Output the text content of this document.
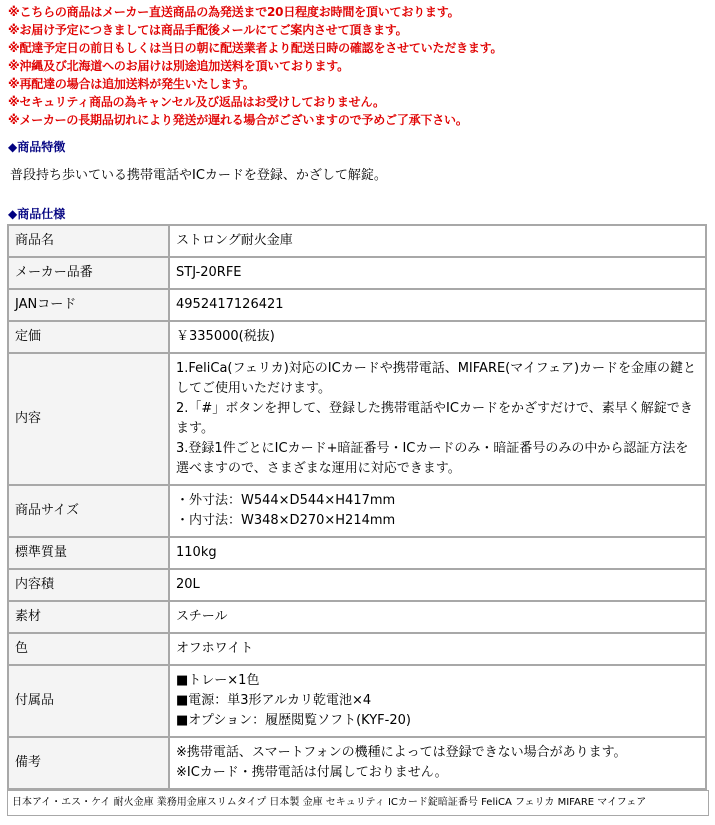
※こちらの商品はメーカー直送商品の為発送まで20日程度お時間を頂いております。
※お届け予定につきましては商品手配後メールにてご案内させて頂きます。
※配達予定日の前日もしくは当日の朝に配送業者より配送日時の確認をさせていただきます。
※沖縄及び北海道へのお届けは別途追加送料を頂いております。
※再配達の場合は追加送料が発生いたします。
※セキュリティ商品の為キャンセル及び返品はお受けしておりません。
※メーカーの長期品切れにより発送が遅れる場合がございますので予めご了承下さい。
◆商品特徴
普段持ち歩いている携帯電話やICカードを登録、かざして解錠。
◆商品仕様
商品名	ストロング耐火金庫

メーカー品番	STJ-20RFE

JANコード	4952417126421

定価	￥335000(税抜)

内容	1.FeliCa(フェリカ)対応のICカードや携帯電話、MIFARE(マイフェア)カードを金庫の鍵としてご使用いただけます。
2.「#」ボタンを押して、登録した携帯電話やICカードをかざすだけで、素早く解錠できます。
3.登録1件ごとにICカード+暗証番号・ICカードのみ・暗証番号のみの中から認証方法を選べますので、さまざまな運用に対応できます。

商品サイズ	・外寸法：W544×D544×H417mm
・内寸法：W348×D270×H214mm

標準質量	110kg

内容積	20L

素材	スチール

色	オフホワイト

付属品	■トレー×1色
■電源：単3形アルカリ乾電池×4
■オプション：履歴閲覧ソフト(KYF-20)

備考	※携帯電話、スマートフォンの機種によっては登録できない場合があります。
※ICカード・携帯電話は付属しておりません。
日本アイ・エス・ケイ 耐火金庫 業務用金庫スリムタイプ 日本製 金庫 セキュリティ ICカード錠暗証番号 FeliCA フェリカ MIFARE マイフェア
